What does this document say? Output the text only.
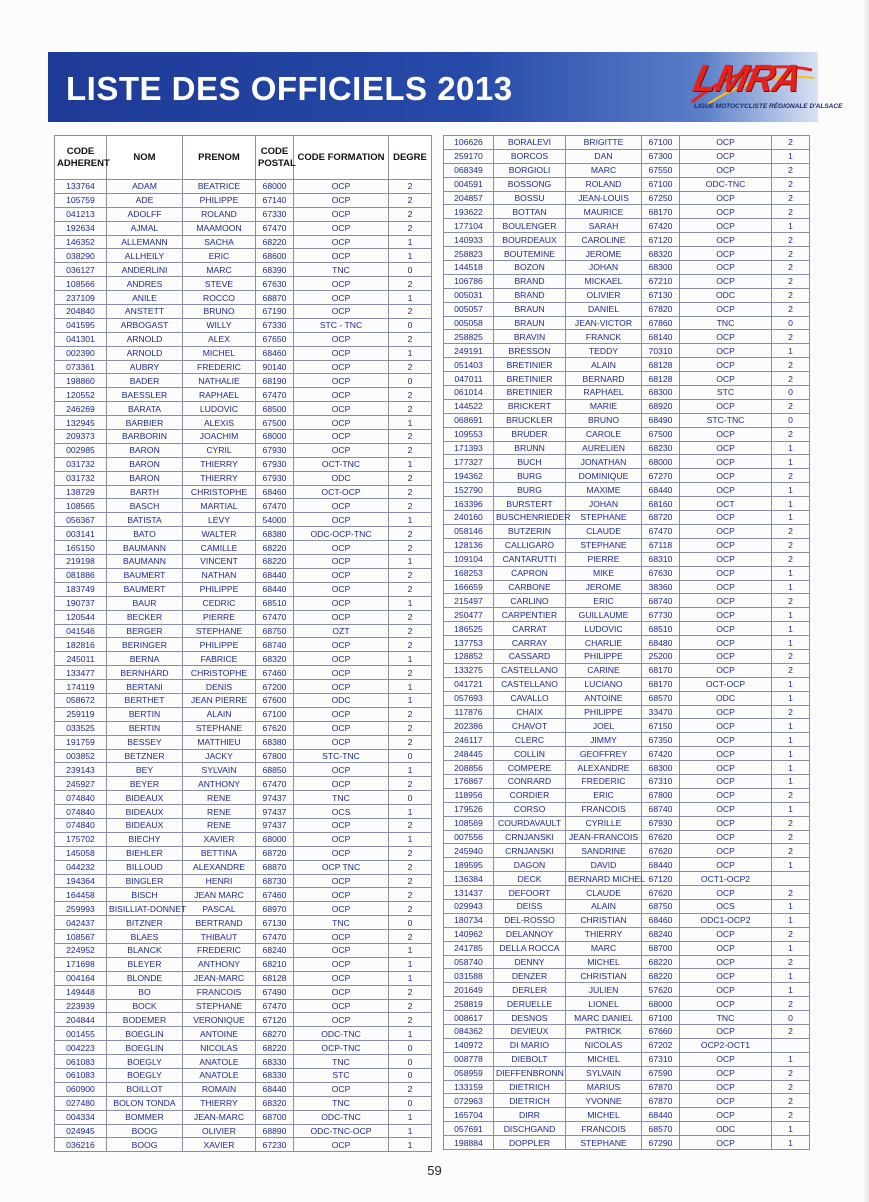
LISTE DES OFFICIELS 2013	LMRA
LIGUE MOTOCYCLISTE RÉGIONALE D'ALSACE
CODE ADHERENT	NOM	PRENOM	CODE POSTAL	CODE FORMATION	DEGRE
133764	ADAM	BEATRICE	68000	OCP	2
105759	ADE	PHILIPPE	67140	OCP	2
041213	ADOLFF	ROLAND	67330	OCP	2
192634	AJMAL	MAAMOON	67470	OCP	2
146352	ALLEMANN	SACHA	68220	OCP	1
038290	ALLHEILY	ERIC	68600	OCP	1
036127	ANDERLINI	MARC	68390	TNC	0
108566	ANDRES	STEVE	67630	OCP	2
237109	ANILE	ROCCO	68870	OCP	1
204840	ANSTETT	BRUNO	67190	OCP	2
041595	ARBOGAST	WILLY	67330	STC - TNC	0
041301	ARNOLD	ALEX	67650	OCP	2
002390	ARNOLD	MICHEL	68460	OCP	1
073361	AUBRY	FREDERIC	90140	OCP	2
198860	BADER	NATHALIE	68190	OCP	0
120552	BAESSLER	RAPHAEL	67470	OCP	2
246269	BARATA	LUDOVIC	68500	OCP	2
132945	BARBIER	ALEXIS	67500	OCP	1
209373	BARBORIN	JOACHIM	68000	OCP	2
002985	BARON	CYRIL	67930	OCP	2
031732	BARON	THIERRY	67930	OCT-TNC	1
031732	BARON	THIERRY	67930	ODC	2
138729	BARTH	CHRISTOPHE	68460	OCT-OCP	2
108565	BASCH	MARTIAL	67470	OCP	2
056367	BATISTA	LEVY	54000	OCP	1
003141	BATO	WALTER	68380	ODC-OCP-TNC	2
165150	BAUMANN	CAMILLE	68220	OCP	2
219198	BAUMANN	VINCENT	68220	OCP	1
081886	BAUMERT	NATHAN	68440	OCP	2
183749	BAUMERT	PHILIPPE	68440	OCP	2
190737	BAUR	CEDRIC	68510	OCP	1
120544	BECKER	PIERRE	67470	OCP	2
041546	BERGER	STEPHANE	68750	OZT	2
182816	BERINGER	PHILIPPE	68740	OCP	2
245011	BERNA	FABRICE	68320	OCP	1
133477	BERNHARD	CHRISTOPHE	67460	OCP	2
174119	BERTANI	DENIS	67200	OCP	1
058672	BERTHET	JEAN PIERRE	67600	ODC	1
259119	BERTIN	ALAIN	67100	OCP	2
033525	BERTIN	STEPHANE	67620	OCP	2
191759	BESSEY	MATTHIEU	68380	OCP	2
003852	BETZNER	JACKY	67800	STC-TNC	0
239143	BEY	SYLVAIN	68850	OCP	1
245927	BEYER	ANTHONY	67470	OCP	2
074840	BIDEAUX	RENE	97437	TNC	0
074840	BIDEAUX	RENE	97437	OCS	1
074840	BIDEAUX	RENE	97437	OCP	2
175702	BIECHY	XAVIER	68000	OCP	1
145058	BIEHLER	BETTINA	68720	OCP	2
044232	BILLOUD	ALEXANDRE	68870	OCP TNC	2
194364	BINGLER	HENRI	68730	OCP	2
164458	BISCH	JEAN MARC	67460	OCP	2
259993	BISILLIAT-DONNET	PASCAL	68970	OCP	2
042437	BITZNER	BERTRAND	67130	TNC	0
108567	BLAES	THIBAUT	67470	OCP	2
224952	BLANCK	FREDERIC	68240	OCP	1
171698	BLEYER	ANTHONY	68210	OCP	1
004164	BLONDE	JEAN-MARC	68128	OCP	1
149448	BO	FRANCOIS	67490	OCP	2
223939	BOCK	STEPHANE	67470	OCP	2
204844	BODEMER	VERONIQUE	67120	OCP	2
001455	BOEGLIN	ANTOINE	68270	ODC-TNC	1
004223	BOEGLIN	NICOLAS	68220	OCP-TNC	0
061083	BOEGLY	ANATOLE	68330	TNC	0
061083	BOEGLY	ANATOLE	68330	STC	0
060900	BOILLOT	ROMAIN	68440	OCP	2
027480	BOLON TONDA	THIERRY	68320	TNC	0
004334	BOMMER	JEAN-MARC	68700	ODC-TNC	1
024945	BOOG	OLIVIER	68890	ODC-TNC-OCP	1
036216	BOOG	XAVIER	67230	OCP	1
106626	BORALEVI	BRIGITTE	67100	OCP	2
259170	BORCOS	DAN	67300	OCP	1
068349	BORGIOLI	MARC	67550	OCP	2
004591	BOSSONG	ROLAND	67100	ODC-TNC	2
204857	BOSSU	JEAN-LOUIS	67250	OCP	2
193622	BOTTAN	MAURICE	68170	OCP	2
177104	BOULENGER	SARAH	67420	OCP	1
140933	BOURDEAUX	CAROLINE	67120	OCP	2
258823	BOUTEMINE	JEROME	68320	OCP	2
144518	BOZON	JOHAN	68300	OCP	2
106786	BRAND	MICKAEL	67210	OCP	2
005031	BRAND	OLIVIER	67130	ODC	2
005057	BRAUN	DANIEL	67820	OCP	2
005058	BRAUN	JEAN-VICTOR	67860	TNC	0
258825	BRAVIN	FRANCK	68140	OCP	2
249191	BRESSON	TEDDY	70310	OCP	1
051403	BRETINIER	ALAIN	68128	OCP	2
047011	BRETINIER	BERNARD	68128	OCP	2
061014	BRETINIER	RAPHAEL	68300	STC	0
144522	BRICKERT	MARIE	68920	OCP	2
068691	BRUCKLER	BRUNO	68490	STC-TNC	0
109553	BRUDER	CAROLE	67500	OCP	2
171393	BRUNN	AURELIEN	68230	OCP	1
177327	BUCH	JONATHAN	68000	OCP	1
194362	BURG	DOMINIQUE	67270	OCP	2
152790	BURG	MAXIME	68440	OCP	1
163396	BURSTERT	JOHAN	68160	OCT	1
240160	BUSCHENRIEDER	STEPHANE	68720	OCP	1
058146	BUTZERIN	CLAUDE	67470	OCP	2
128136	CALLIGARO	STEPHANE	67118	OCP	2
109104	CANTARUTTI	PIERRE	68310	OCP	2
168253	CAPRON	MIKE	67630	OCP	1
166659	CARBONE	JEROME	38360	OCP	1
215497	CARLINO	ERIC	68740	OCP	2
250477	CARPENTIER	GUILLAUME	67730	OCP	1
186525	CARRAT	LUDOVIC	68510	OCP	1
137753	CARRAY	CHARLIE	68480	OCP	1
128852	CASSARD	PHILIPPE	25200	OCP	2
133275	CASTELLANO	CARINE	68170	OCP	2
041721	CASTELLANO	LUCIANO	68170	OCT-OCP	1
057693	CAVALLO	ANTOINE	68570	ODC	1
117876	CHAIX	PHILIPPE	33470	OCP	2
202386	CHAVOT	JOEL	67150	OCP	1
246117	CLERC	JIMMY	67350	OCP	1
248445	COLLIN	GEOFFREY	67420	OCP	1
208856	COMPERE	ALEXANDRE	68300	OCP	1
176867	CONRARD	FREDERIC	67310	OCP	1
118956	CORDIER	ERIC	67800	OCP	2
179526	CORSO	FRANCOIS	68740	OCP	1
108569	COURDAVAULT	CYRILLE	67930	OCP	2
007556	CRNJANSKI	JEAN-FRANCOIS	67620	OCP	2
245940	CRNJANSKI	SANDRINE	67620	OCP	2
189595	DAGON	DAVID	68440	OCP	1
136384	DECK	BERNARD MICHEL	67120	OCT1-OCP2	
131437	DEFOORT	CLAUDE	67620	OCP	2
029943	DEISS	ALAIN	68750	OCS	1
180734	DEL-ROSSO	CHRISTIAN	68460	ODC1-OCP2	1
140962	DELANNOY	THIERRY	68240	OCP	2
241785	DELLA ROCCA	MARC	68700	OCP	1
058740	DENNY	MICHEL	68220	OCP	2
031588	DENZER	CHRISTIAN	68220	OCP	1
201649	DERLER	JULIEN	57620	OCP	1
258819	DERUELLE	LIONEL	68000	OCP	2
008617	DESNOS	MARC DANIEL	67100	TNC	0
084362	DEVIEUX	PATRICK	67660	OCP	2
140972	DI MARIO	NICOLAS	67202	OCP2-OCT1	
008778	DIEBOLT	MICHEL	67310	OCP	1
058959	DIEFFENBRONN	SYLVAIN	67590	OCP	2
133159	DIETRICH	MARIUS	67870	OCP	2
072963	DIETRICH	YVONNE	67870	OCP	2
165704	DIRR	MICHEL	68440	OCP	2
057691	DISCHGAND	FRANCOIS	68570	ODC	1
198884	DOPPLER	STEPHANE	67290	OCP	1
59
